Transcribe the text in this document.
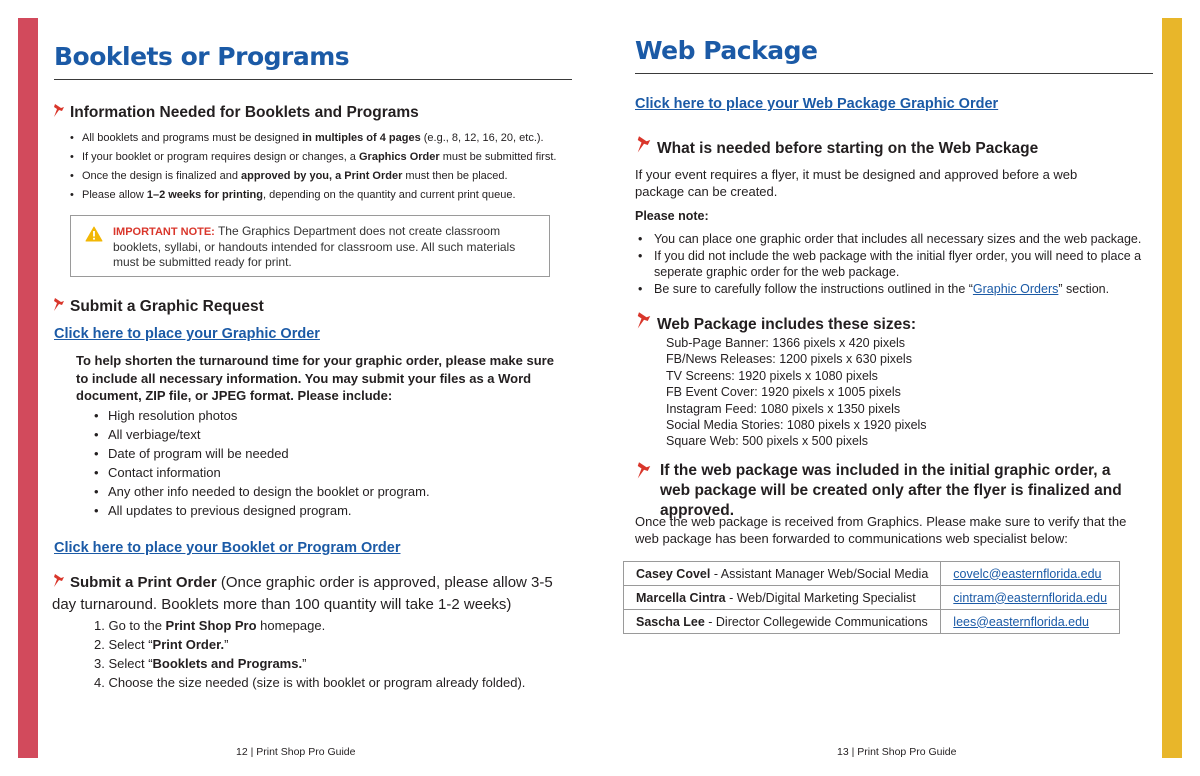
Booklets or Programs
Information Needed for Booklets and Programs
• All booklets and programs must be designed in multiples of 4 pages (e.g., 8, 12, 16, 20, etc.).
• If your booklet or program requires design or changes, a Graphics Order must be submitted first.
• Once the design is finalized and approved by you, a Print Order must then be placed.
• Please allow 1–2 weeks for printing, depending on the quantity and current print queue.
IMPORTANT NOTE: The Graphics Department does not create classroom booklets, syllabi, or handouts intended for classroom use. All such materials must be submitted ready for print.
Submit a Graphic Request
Click here to place your Graphic Order
To help shorten the turnaround time for your graphic order, please make sure to include all necessary information. You may submit your files as a Word document, ZIP file, or JPEG format. Please include:
• High resolution photos
• All verbiage/text
• Date of program will be needed
• Contact information
• Any other info needed to design the booklet or program.
• All updates to previous designed program.
Click here to place your Booklet or Program Order
Submit a Print Order (Once graphic order is approved, please allow 3-5 day turnaround. Booklets more than 100 quantity will take 1-2 weeks)
1. Go to the Print Shop Pro homepage.
2. Select “Print Order.”
3. Select “Booklets and Programs.”
4. Choose the size needed (size is with booklet or program already folded).
12 | Print Shop Pro Guide
Web Package
Click here to place your Web Package Graphic Order
What is needed before starting on the Web Package
If your event requires a flyer, it must be designed and approved before a web package can be created.
Please note:
• You can place one graphic order that includes all necessary sizes and the web package.
• If you did not include the web package with the initial flyer order, you will need to place a seperate graphic order for the web package.
• Be sure to carefully follow the instructions outlined in the “Graphic Orders” section.
Web Package includes these sizes:
Sub-Page Banner: 1366 pixels x 420 pixels
FB/News Releases: 1200 pixels x 630 pixels
TV Screens: 1920 pixels x 1080 pixels
FB Event Cover: 1920 pixels x 1005 pixels
Instagram Feed: 1080 pixels x 1350 pixels
Social Media Stories: 1080 pixels x 1920 pixels
Square Web: 500 pixels x 500 pixels
If the web package was included in the initial graphic order, a web package will be created only after the flyer is finalized and approved.
Once the web package is received from Graphics. Please make sure to verify that the web package has been forwarded to communications web specialist below:
Casey Covel - Assistant Manager Web/Social Media	covelc@easternflorida.edu
Marcella Cintra - Web/Digital Marketing Specialist	cintram@easternflorida.edu
Sascha Lee - Director Collegewide Communications	lees@easternflorida.edu
13 | Print Shop Pro Guide
